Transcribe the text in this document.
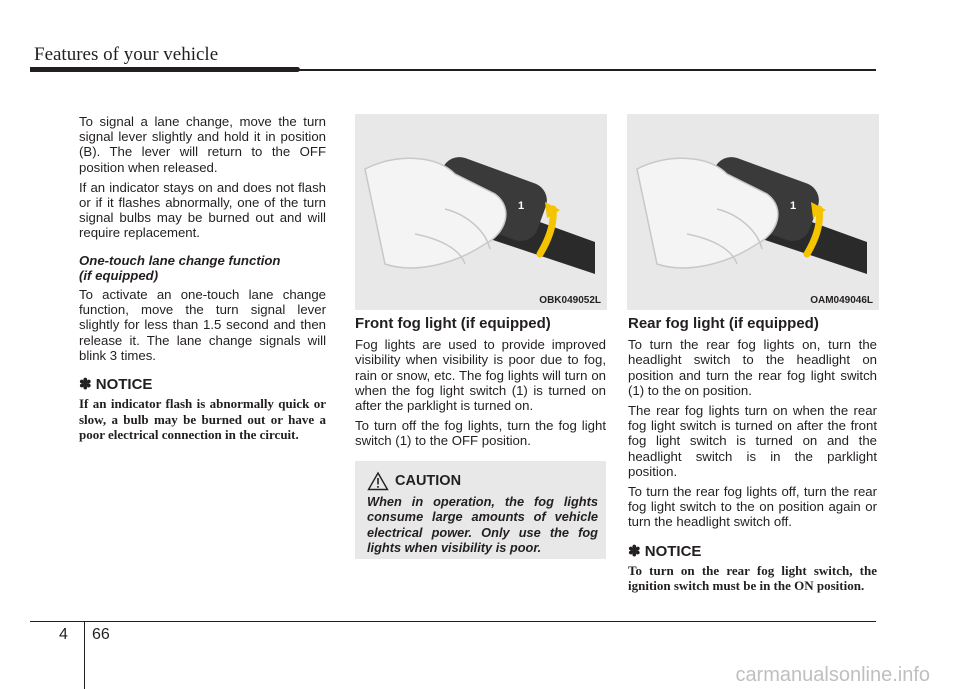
Features of your vehicle

To signal a lane change, move the turn signal lever slightly and hold it in position (B). The lever will return to the OFF position when released.

If an indicator stays on and does not flash or if it flashes abnormally, one of the turn signal bulbs may be burned out and will require replacement.

One-touch lane change function
(if equipped)

To activate an one-touch lane change function, move the turn signal lever slightly for less than 1.5 second and then release it. The lane change signals will blink 3 times.

✽ NOTICE
If an indicator flash is abnormally quick or slow, a bulb may be burned out or have a poor electrical connection in the circuit.
1
OBK049052L
1
OAM049046L
Front fog light (if equipped)

Fog lights are used to provide improved visibility when visibility is poor due to fog, rain or snow, etc. The fog lights will turn on when the fog light switch (1) is turned on after the parklight is turned on.

To turn off the fog lights, turn the fog light switch (1) to the OFF position.

CAUTION
When in operation, the fog lights consume large amounts of vehicle electrical power. Only use the fog lights when visibility is poor.
Rear fog light (if equipped)

To turn the rear fog lights on, turn the headlight switch to the headlight on position and turn the rear fog light switch (1) to the on position.

The rear fog lights turn on when the rear fog light switch is turned on after the front fog light switch is turned on and the headlight switch is in the parklight position.

To turn the rear fog lights off, turn the rear fog light switch to the on position again or turn the headlight switch off.

✽ NOTICE
To turn on the rear fog light switch, the ignition switch must be in the ON position.
4 66
carmanualsonline.info
